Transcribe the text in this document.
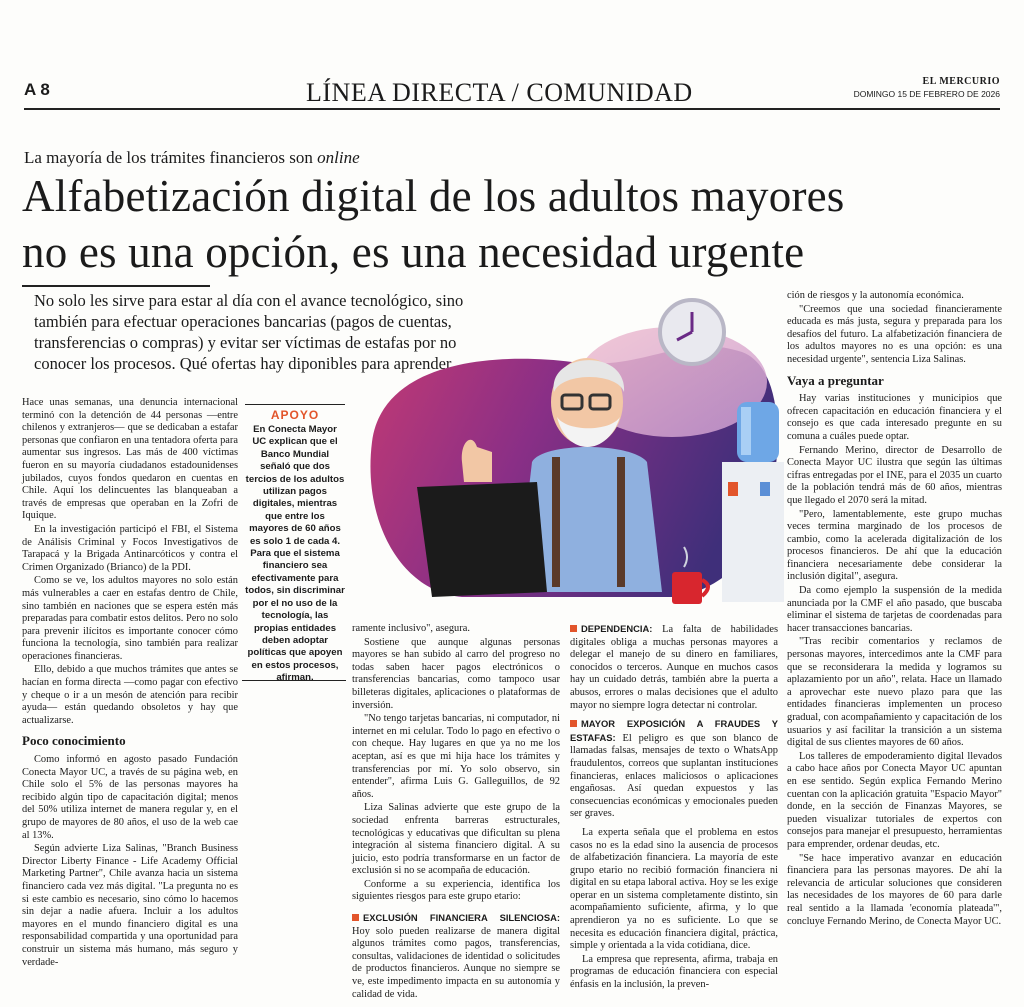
A 8	LÍNEA DIRECTA / COMUNIDAD	EL MERCURIO
DOMINGO 15 DE FEBRERO DE 2026
La mayoría de los trámites financieros son online
Alfabetización digital de los adultos mayores
no es una opción, es una necesidad urgente

No solo les sirve para estar al día con el avance tecnológico, sino también para efectuar operaciones bancarias (pagos de cuentas, transferencias o compras) y evitar ser víctimas de estafas por no conocer los procesos. Qué ofertas hay diponibles para aprender.

Hace unas semanas, una denuncia internacional terminó con la detención de 44 personas —entre chilenos y extranjeros— que se dedicaban a estafar personas que confiaron en una tentadora oferta para aumentar sus ingresos. Las más de 400 víctimas fueron en su mayoría ciudadanos estadounidenses jubilados, cuyos fondos quedaron en cuentas en Chile. Aquí los delincuentes las blanqueaban a través de empresas que operaban en la Zofri de Iquique.

En la investigación participó el FBI, el Sistema de Análisis Criminal y Focos Investigativos de Tarapacá y la Brigada Antinarcóticos y contra el Crimen Organizado (Brianco) de la PDI.

Como se ve, los adultos mayores no solo están más vulnerables a caer en estafas dentro de Chile, sino también en naciones que se espera estén más preparadas para combatir estos delitos. Pero no solo para prevenir ilícitos es importante conocer cómo funciona la tecnología, sino también para realizar operaciones financieras.

Ello, debido a que muchos trámites que antes se hacían en forma directa —como pagar con efectivo y cheque o ir a un mesón de atención para recibir ayuda— están quedando obsoletos y hay que actualizarse.

Poco conocimiento

Como informó en agosto pasado Fundación Conecta Mayor UC, a través de su página web, en Chile solo el 5% de las personas mayores ha recibido algún tipo de capacitación digital; menos del 50% utiliza internet de manera regular y, en el grupo de mayores de 80 años, el uso de la web cae al 13%.

Según advierte Liza Salinas, "Branch Business Director Liberty Finance - Life Academy Official Marketing Partner", Chile avanza hacia un sistema financiero cada vez más digital. "La pregunta no es si este cambio es necesario, sino cómo lo hacemos sin dejar a nadie afuera. Incluir a los adultos mayores en el mundo financiero digital es una responsabilidad compartida y una oportunidad para construir un sistema más humano, más seguro y verdade-

APOYO
En Conecta Mayor UC explican que el Banco Mundial señaló que dos tercios de los adultos utilizan pagos digitales, mientras que entre los mayores de 60 años es solo 1 de cada 4. Para que el sistema financiero sea efectivamente para todos, sin discriminar por el no uso de la tecnología, las propias entidades deben adoptar políticas que apoyen en estos procesos, afirman.

ramente inclusivo", asegura.

Sostiene que aunque algunas personas mayores se han subido al carro del progreso no todas saben hacer pagos electrónicos o transferencias bancarias, como tampoco usar billeteras digitales, aplicaciones o plataformas de inversión.

"No tengo tarjetas bancarias, ni computador, ni internet en mi celular. Todo lo pago en efectivo o con cheque. Hay lugares en que ya no me los aceptan, así es que mi hija hace los trámites y transferencias por mí. Yo solo observo, sin entender", afirma Luis G. Galleguillos, de 92 años.

Liza Salinas advierte que este grupo de la sociedad enfrenta barreras estructurales, tecnológicas y educativas que dificultan su plena integración al sistema financiero digital. A su juicio, esto podría transformarse en un factor de exclusión si no se acompaña de educación.

Conforme a su experiencia, identifica los siguientes riesgos para este grupo etario:

EXCLUSIÓN FINANCIERA SILENCIOSA: Hoy solo pueden realizarse de manera digital algunos trámites como pagos, transferencias, consultas, validaciones de identidad o solicitudes de productos financieros. Aunque no siempre se ve, este impedimento impacta en su autonomía y calidad de vida.

DEPENDENCIA: La falta de habilidades digitales obliga a muchas personas mayores a delegar el manejo de su dinero en familiares, conocidos o terceros. Aunque en muchos casos hay un cuidado detrás, también abre la puerta a abusos, errores o malas decisiones que el adulto mayor no siempre logra detectar ni controlar.

MAYOR EXPOSICIÓN A FRAUDES Y ESTAFAS: El peligro es que son blanco de llamadas falsas, mensajes de texto o WhatsApp fraudulentos, correos que suplantan instituciones financieras, enlaces maliciosos o aplicaciones engañosas. Así quedan expuestos y las consecuencias económicas y emocionales pueden ser graves.

La experta señala que el problema en estos casos no es la edad sino la ausencia de procesos de alfabetización financiera. La mayoría de este grupo etario no recibió formación financiera ni digital en su etapa laboral activa. Hoy se les exige operar en un sistema completamente distinto, sin acompañamiento suficiente, afirma, y lo que aprendieron ya no es suficiente. Lo que se necesita es educación financiera digital, práctica, simple y orientada a la vida cotidiana, dice.

La empresa que representa, afirma, trabaja en programas de educación financiera con especial énfasis en la inclusión, la preven-

ción de riesgos y la autonomía económica.

"Creemos que una sociedad financieramente educada es más justa, segura y preparada para los desafíos del futuro. La alfabetización financiera de los adultos mayores no es una opción: es una necesidad urgente", sentencia Liza Salinas.

Vaya a preguntar

Hay varias instituciones y municipios que ofrecen capacitación en educación financiera y el consejo es que cada interesado pregunte en su comuna a cuáles puede optar.

Fernando Merino, director de Desarrollo de Conecta Mayor UC ilustra que según las últimas cifras entregadas por el INE, para el 2035 un cuarto de la población tendrá más de 60 años, mientras que llegado el 2070 será la mitad.

"Pero, lamentablemente, este grupo muchas veces termina marginado de los procesos de cambio, como la acelerada digitalización de los procesos financieros. De ahí que la educación financiera necesariamente debe considerar la inclusión digital", asegura.

Da como ejemplo la suspensión de la medida anunciada por la CMF el año pasado, que buscaba eliminar el sistema de tarjetas de coordenadas para hacer transacciones bancarias.

"Tras recibir comentarios y reclamos de personas mayores, intercedimos ante la CMF para que se reconsiderara la medida y logramos su aplazamiento por un año", relata. Hace un llamado a aprovechar este nuevo plazo para que las entidades financieras implementen un proceso gradual, con acompañamiento y capacitación de los usuarios y así facilitar la transición a un sistema digital de sus clientes mayores de 60 años.

Los talleres de empoderamiento digital llevados a cabo hace años por Conecta Mayor UC apuntan en ese sentido. Según explica Fernando Merino cuentan con la aplicación gratuita "Espacio Mayor" donde, en la sección de Finanzas Mayores, se pueden visualizar tutoriales de expertos con consejos para manejar el presupuesto, herramientas para emprender, ordenar deudas, etc.

"Se hace imperativo avanzar en educación financiera para las personas mayores. De ahí la relevancia de articular soluciones que consideren las necesidades de los mayores de 60 para darle real sentido a la llamada 'economía plateada'", concluye Fernando Merino, de Conecta Mayor UC.
